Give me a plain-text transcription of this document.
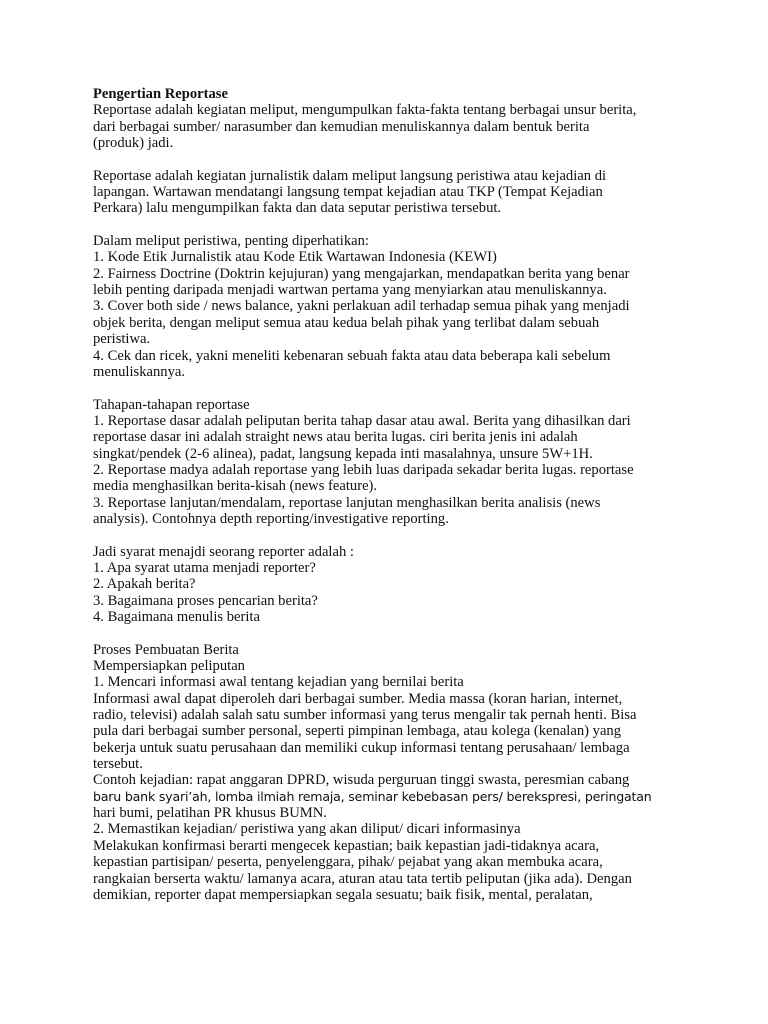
Pengertian Reportase
Reportase adalah kegiatan meliput, mengumpulkan fakta-fakta tentang berbagai unsur berita,
dari berbagai sumber/ narasumber dan kemudian menuliskannya dalam bentuk berita
(produk) jadi.
Reportase adalah kegiatan jurnalistik dalam meliput langsung peristiwa atau kejadian di
lapangan. Wartawan mendatangi langsung tempat kejadian atau TKP (Tempat Kejadian
Perkara) lalu mengumpilkan fakta dan data seputar peristiwa tersebut.
Dalam meliput peristiwa, penting diperhatikan:
1. Kode Etik Jurnalistik atau Kode Etik Wartawan Indonesia (KEWI)
2. Fairness Doctrine (Doktrin kejujuran) yang mengajarkan, mendapatkan berita yang benar
lebih penting daripada menjadi wartwan pertama yang menyiarkan atau menuliskannya.
3. Cover both side / news balance, yakni perlakuan adil terhadap semua pihak yang menjadi
objek berita, dengan meliput semua atau kedua belah pihak yang terlibat dalam sebuah
peristiwa.
4. Cek dan ricek, yakni meneliti kebenaran sebuah fakta atau data beberapa kali sebelum
menuliskannya.
Tahapan-tahapan reportase
1. Reportase dasar adalah peliputan berita tahap dasar atau awal. Berita yang dihasilkan dari
reportase dasar ini adalah straight news atau berita lugas. ciri berita jenis ini adalah
singkat/pendek (2-6 alinea), padat, langsung kepada inti masalahnya, unsure 5W+1H.
2. Reportase madya adalah reportase yang lebih luas daripada sekadar berita lugas. reportase
media menghasilkan berita-kisah (news feature).
3. Reportase lanjutan/mendalam, reportase lanjutan menghasilkan berita analisis (news
analysis). Contohnya depth reporting/investigative reporting.
Jadi syarat menajdi seorang reporter adalah :
1. Apa syarat utama menjadi reporter?
2. Apakah berita?
3. Bagaimana proses pencarian berita?
4. Bagaimana menulis berita
Proses Pembuatan Berita
Mempersiapkan peliputan
1. Mencari informasi awal tentang kejadian yang bernilai berita
Informasi awal dapat diperoleh dari berbagai sumber. Media massa (koran harian, internet,
radio, televisi) adalah salah satu sumber informasi yang terus mengalir tak pernah henti. Bisa
pula dari berbagai sumber personal, seperti pimpinan lembaga, atau kolega (kenalan) yang
bekerja untuk suatu perusahaan dan memiliki cukup informasi tentang perusahaan/ lembaga
tersebut.
Contoh kejadian: rapat anggaran DPRD, wisuda perguruan tinggi swasta, peresmian cabang
baru bank syari’ah, lomba ilmiah remaja, seminar kebebasan pers/ berekspresi, peringatan
hari bumi, pelatihan PR khusus BUMN.
2. Memastikan kejadian/ peristiwa yang akan diliput/ dicari informasinya
Melakukan konfirmasi berarti mengecek kepastian; baik kepastian jadi-tidaknya acara,
kepastian partisipan/ peserta, penyelenggara, pihak/ pejabat yang akan membuka acara,
rangkaian berserta waktu/ lamanya acara, aturan atau tata tertib peliputan (jika ada). Dengan
demikian, reporter dapat mempersiapkan segala sesuatu; baik fisik, mental, peralatan,
